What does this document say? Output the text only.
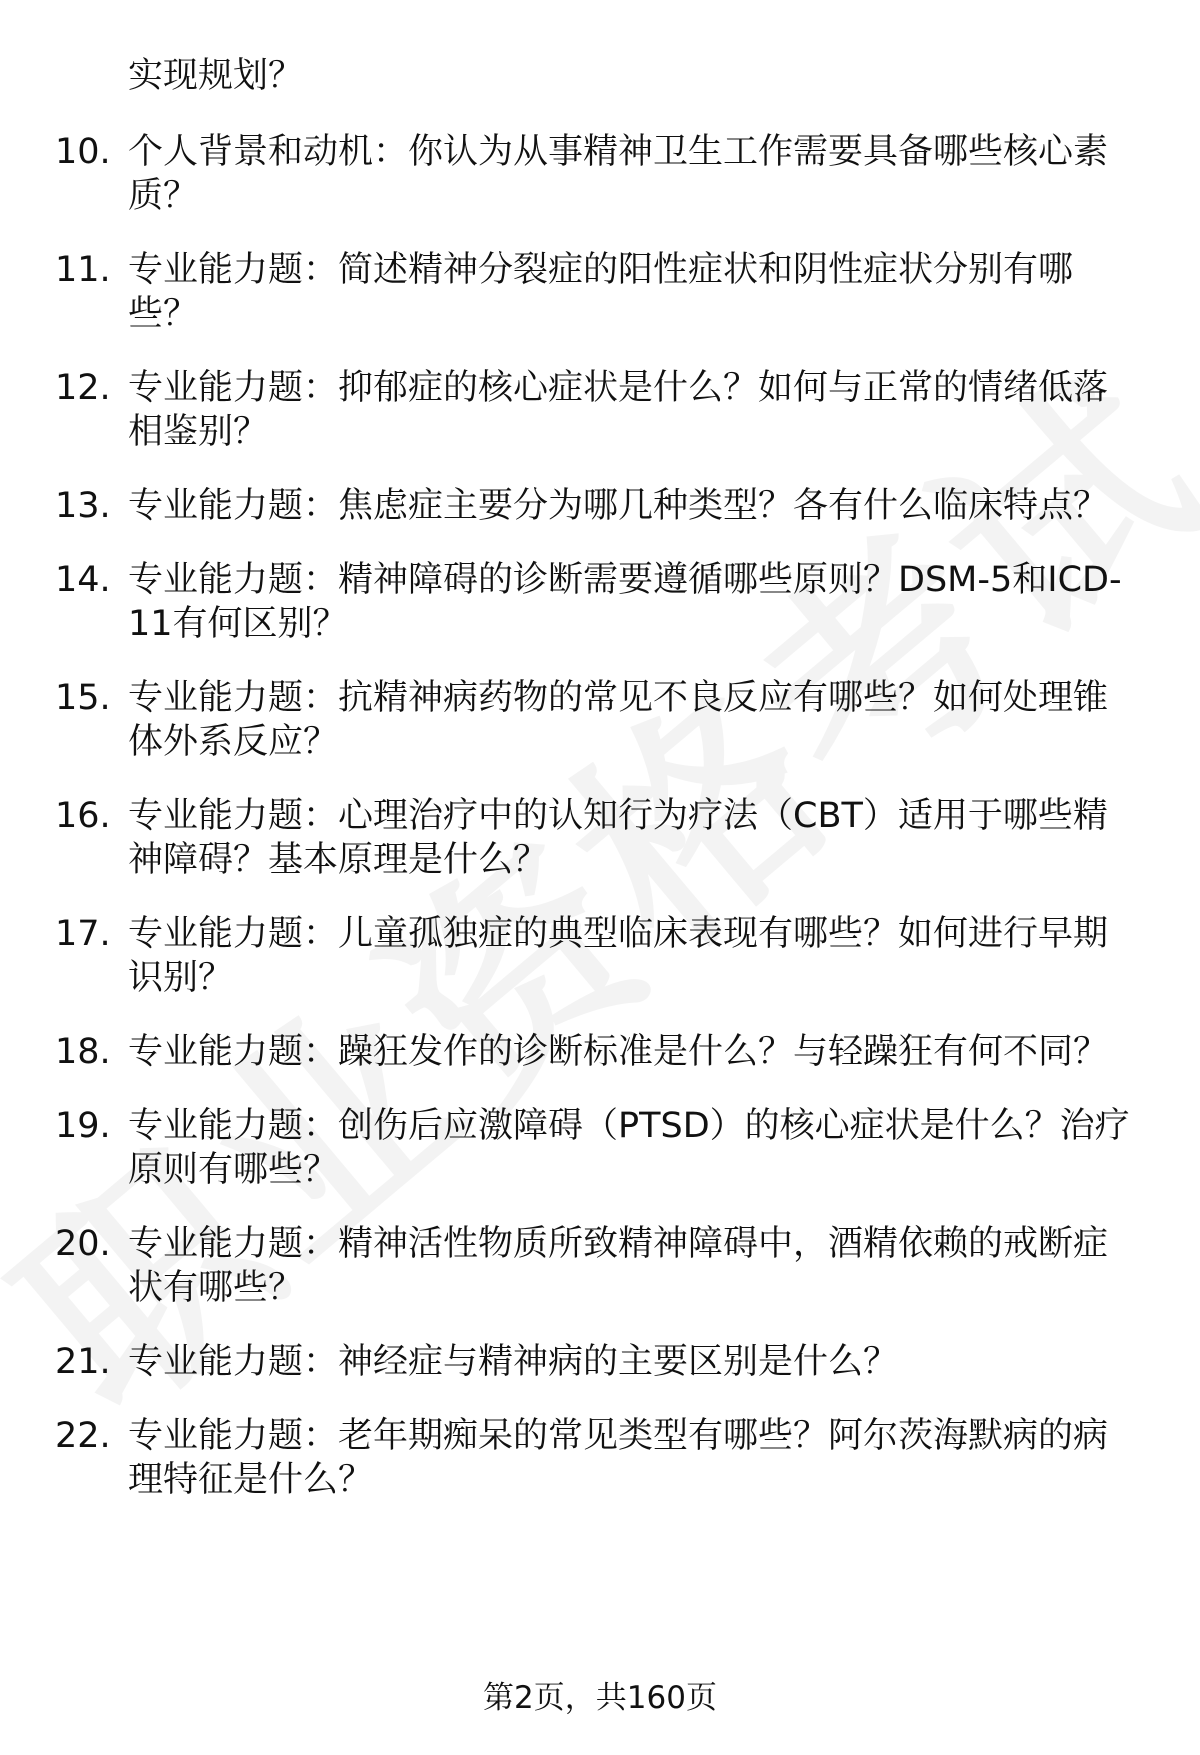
实现规划？
10. 个人背景和动机：你认为从事精神卫生工作需要具备哪些核心素
质？
11. 专业能力题：简述精神分裂症的阳性症状和阴性症状分别有哪
些？
12. 专业能力题：抑郁症的核心症状是什么？如何与正常的情绪低落
相鉴别？
13. 专业能力题：焦虑症主要分为哪几种类型？各有什么临床特点？
14. 专业能力题：精神障碍的诊断需要遵循哪些原则？DSM-5和ICD-
11有何区别？
15. 专业能力题：抗精神病药物的常见不良反应有哪些？如何处理锥
体外系反应？
16. 专业能力题：心理治疗中的认知行为疗法（CBT）适用于哪些精
神障碍？基本原理是什么？
17. 专业能力题：儿童孤独症的典型临床表现有哪些？如何进行早期
识别？
18. 专业能力题：躁狂发作的诊断标准是什么？与轻躁狂有何不同？
19. 专业能力题：创伤后应激障碍（PTSD）的核心症状是什么？治疗
原则有哪些？
20. 专业能力题：精神活性物质所致精神障碍中，酒精依赖的戒断症
状有哪些？
21. 专业能力题：神经症与精神病的主要区别是什么？
22. 专业能力题：老年期痴呆的常见类型有哪些？阿尔茨海默病的病
理特征是什么？
第2页，共160页
